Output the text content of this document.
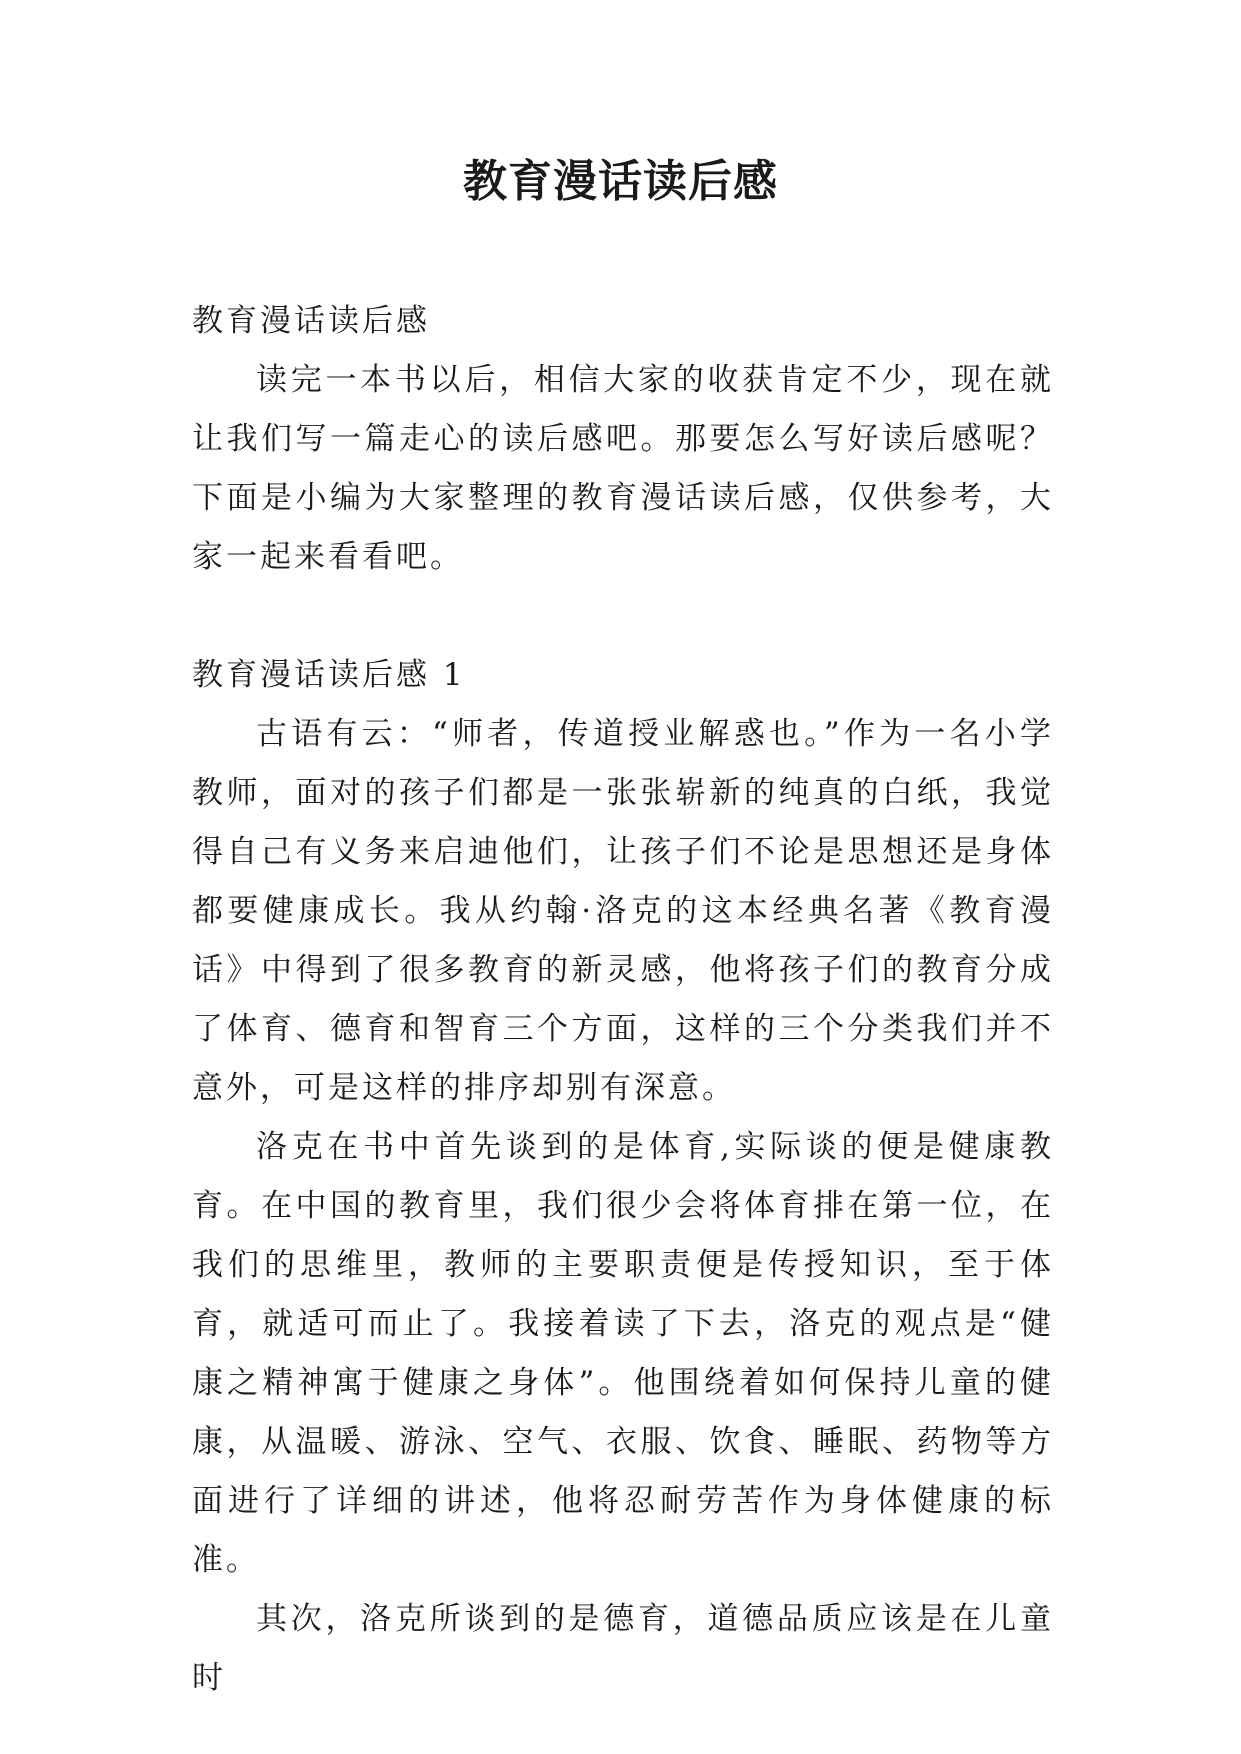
教育漫话读后感

教育漫话读后感

读完一本书以后，相信大家的收获肯定不少，现在就让我们写一篇走心的读后感吧。那要怎么写好读后感呢？下面是小编为大家整理的教育漫话读后感，仅供参考，大家一起来看看吧。

教育漫话读后感 1

古语有云：“师者，传道授业解惑也。”作为一名小学教师，面对的孩子们都是一张张崭新的纯真的白纸，我觉得自己有义务来启迪他们，让孩子们不论是思想还是身体都要健康成长。我从约翰·洛克的这本经典名著《教育漫话》中得到了很多教育的新灵感，他将孩子们的教育分成了体育、德育和智育三个方面，这样的三个分类我们并不意外，可是这样的排序却别有深意。

洛克在书中首先谈到的是体育,实际谈的便是健康教育。在中国的教育里，我们很少会将体育排在第一位，在我们的思维里，教师的主要职责便是传授知识，至于体育，就适可而止了。我接着读了下去，洛克的观点是“健康之精神寓于健康之身体”。他围绕着如何保持儿童的健康，从温暖、游泳、空气、衣服、饮食、睡眠、药物等方面进行了详细的讲述，他将忍耐劳苦作为身体健康的标准。

其次，洛克所谈到的是德育，道德品质应该是在儿童时
